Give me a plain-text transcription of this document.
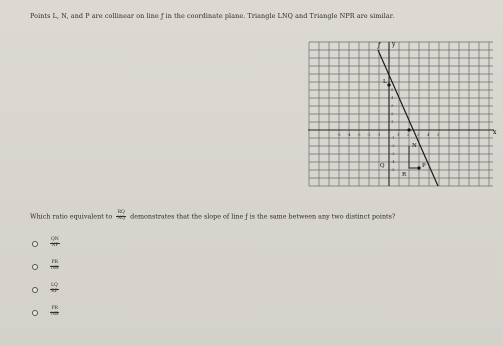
Points L, N, and P are collinear on line ƒ in the coordinate plane. Triangle LNQ and Triangle NPR are similar.
x
y
ƒ
-5 -4 -3 -2 -1	1 2 3 4 5
5
4
3
2
1
-1
-2
-3
-4
-5
L
Q
N
R
P
Which ratio equivalent to $\frac{RQ}{NQ}$ demonstrates that the slope of line ƒ is the same between any two distinct points?
$\frac{QN}{NP}$
$\frac{PR}{NR}$
$\frac{LQ}{RP}$
$\frac{PR}{NR}$
